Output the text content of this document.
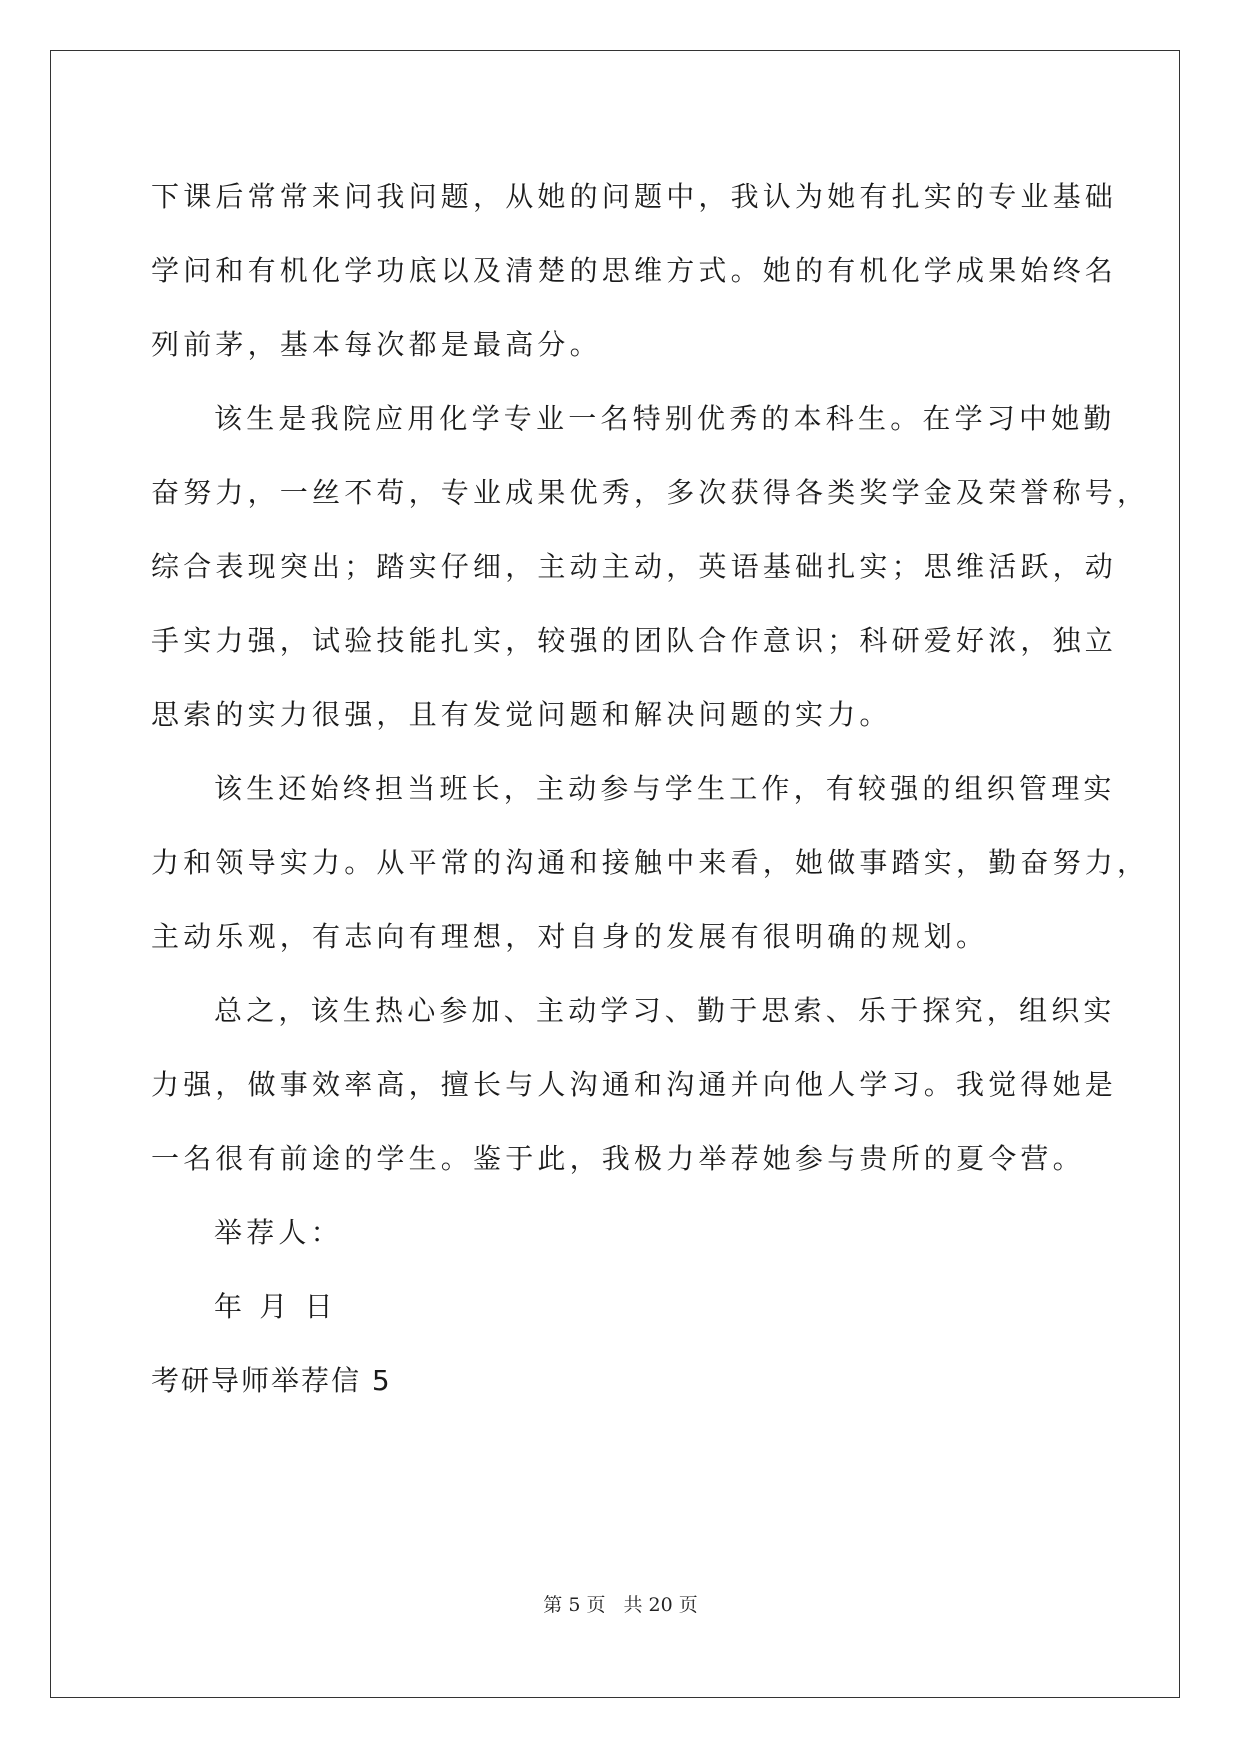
下课后常常来问我问题，从她的问题中，我认为她有扎实的专业基础

学问和有机化学功底以及清楚的思维方式。她的有机化学成果始终名

列前茅，基本每次都是最高分。

该生是我院应用化学专业一名特别优秀的本科生。在学习中她勤

奋努力，一丝不苟，专业成果优秀，多次获得各类奖学金及荣誉称号，

综合表现突出；踏实仔细，主动主动，英语基础扎实；思维活跃，动

手实力强，试验技能扎实，较强的团队合作意识；科研爱好浓，独立

思索的实力很强，且有发觉问题和解决问题的实力。

该生还始终担当班长，主动参与学生工作，有较强的组织管理实

力和领导实力。从平常的沟通和接触中来看，她做事踏实，勤奋努力，

主动乐观，有志向有理想，对自身的发展有很明确的规划。

总之，该生热心参加、主动学习、勤于思索、乐于探究，组织实

力强，做事效率高，擅长与人沟通和沟通并向他人学习。我觉得她是

一名很有前途的学生。鉴于此，我极力举荐她参与贵所的夏令营。

举荐人：

年 月 日

考研导师举荐信 5

第 5 页 共 20 页
